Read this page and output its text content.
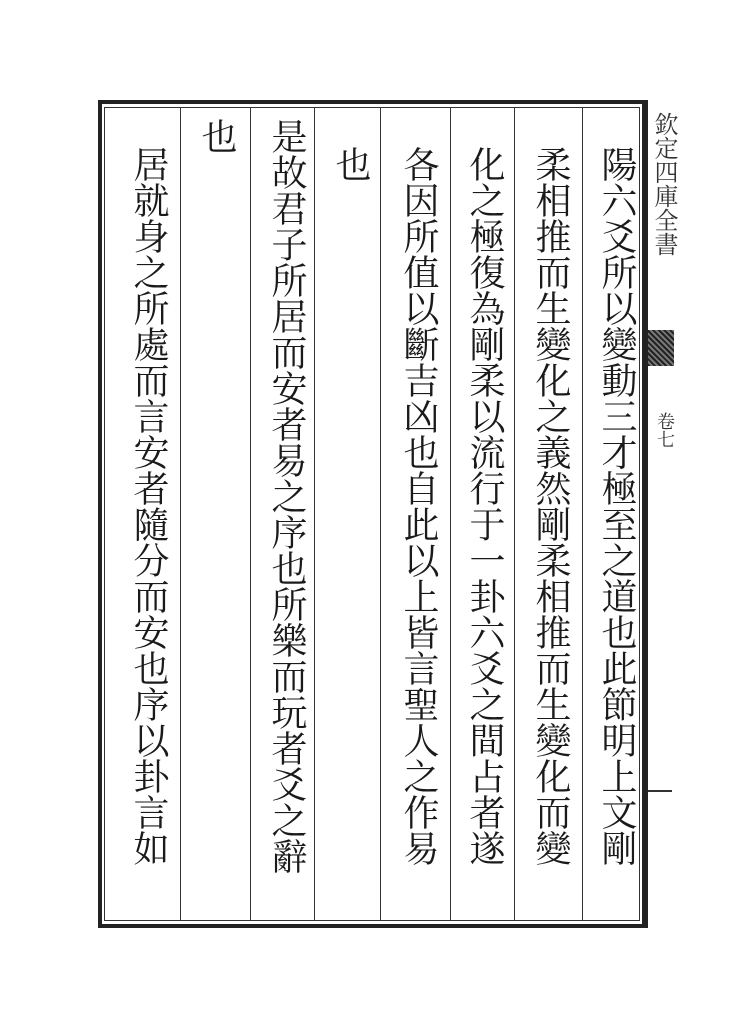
陽六爻所以變動三才極至之道也此節明上文剛
柔相推而生變化之義然剛柔相推而生變化而變
化之極復為剛柔以流行于一卦六爻之間占者遂
各因所值以斷吉凶也自此以上皆言聖人之作易
也
是故君子所居而安者易之序也所樂而玩者爻之辭
也
居就身之所處而言安者隨分而安也序以卦言如	欽定四庫全書
卷七
